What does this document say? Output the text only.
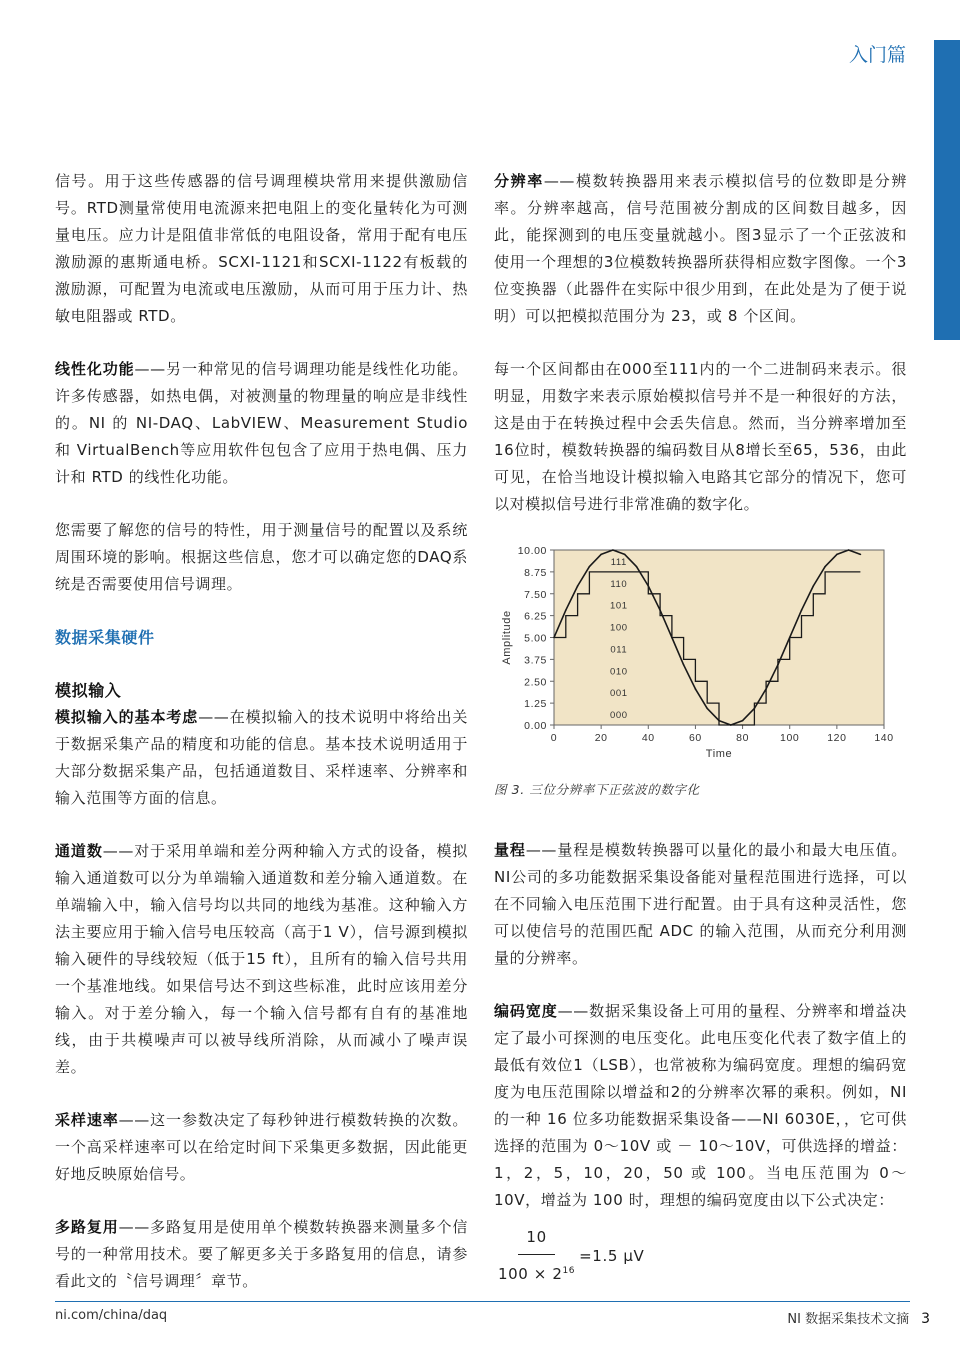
入门篇

信号。用于这些传感器的信号调理模块常用来提供激励信号。RTD测量常使用电流源来把电阻上的变化量转化为可测量电压。应力计是阻值非常低的电阻设备，常用于配有电压激励源的惠斯通电桥。SCXI-1121和SCXI-1122有板载的激励源，可配置为电流或电压激励，从而可用于压力计、热敏电阻器或 RTD。

线性化功能——另一种常见的信号调理功能是线性化功能。许多传感器，如热电偶，对被测量的物理量的响应是非线性的。NI 的 NI-DAQ、LabVIEW、Measurement Studio 和 VirtualBench等应用软件包包含了应用于热电偶、压力计和 RTD 的线性化功能。

您需要了解您的信号的特性，用于测量信号的配置以及系统周围环境的影响。根据这些信息，您才可以确定您的DAQ系统是否需要使用信号调理。

数据采集硬件
模拟输入

模拟输入的基本考虑——在模拟输入的技术说明中将给出关于数据采集产品的精度和功能的信息。基本技术说明适用于大部分数据采集产品，包括通道数目、采样速率、分辨率和输入范围等方面的信息。

通道数——对于采用单端和差分两种输入方式的设备，模拟输入通道数可以分为单端输入通道数和差分输入通道数。在单端输入中，输入信号均以共同的地线为基准。这种输入方法主要应用于输入信号电压较高（高于1 V），信号源到模拟输入硬件的导线较短（低于15 ft），且所有的输入信号共用一个基准地线。如果信号达不到这些标准，此时应该用差分输入。对于差分输入，每一个输入信号都有自有的基准地线，由于共模噪声可以被导线所消除，从而减小了噪声误差。

采样速率——这一参数决定了每秒钟进行模数转换的次数。一个高采样速率可以在给定时间下采集更多数据，因此能更好地反映原始信号。

多路复用——多路复用是使用单个模数转换器来测量多个信号的一种常用技术。要了解更多关于多路复用的信息，请参看此文的〝信号调理〞章节。

分辨率——模数转换器用来表示模拟信号的位数即是分辨率。分辨率越高，信号范围被分割成的区间数目越多，因此，能探测到的电压变量就越小。图3显示了一个正弦波和使用一个理想的3位模数转换器所获得相应数字图像。一个3位变换器（此器件在实际中很少用到，在此处是为了便于说明）可以把模拟范围分为 23，或 8 个区间。

每一个区间都由在000至111内的一个二进制码来表示。很明显，用数字来表示原始模拟信号并不是一种很好的方法，这是由于在转换过程中会丢失信息。然而，当分辨率增加至16位时，模数转换器的编码数目从8增长至65，536，由此可见，在恰当地设计模拟输入电路其它部分的情况下，您可以对模拟信号进行非常准确的数字化。

0.00
1.25
2.50
3.75
5.00
6.25
7.50
8.75
10.00
0	20	40	60	80	100	120	140
000
001
010
011
100
101
110
111
Time
Amplitude
图 3. 三位分辨率下正弦波的数字化

量程——量程是模数转换器可以量化的最小和最大电压值。NI公司的多功能数据采集设备能对量程范围进行选择，可以在不同输入电压范围下进行配置。由于具有这种灵活性，您可以使信号的范围匹配 ADC 的输入范围，从而充分利用测量的分辨率。

编码宽度——数据采集设备上可用的量程、分辨率和增益决定了最小可探测的电压变化。此电压变化代表了数字值上的最低有效位1（LSB），也常被称为编码宽度。理想的编码宽度为电压范围除以增益和2的分辨率次幂的乘积。例如，NI的一种 16 位多功能数据采集设备——NI 6030E，，它可供选择的范围为 0～10V 或 － 10～10V，可供选择的增益：1，2，5，10，20，50 或 100。当电压范围为 0～10V，增益为 100 时，理想的编码宽度由以下公式决定：

$\frac{10}{100 \times 2^{16}} =1.5$ μV
ni.com/china/daq	NI 数据采集技术文摘 3
